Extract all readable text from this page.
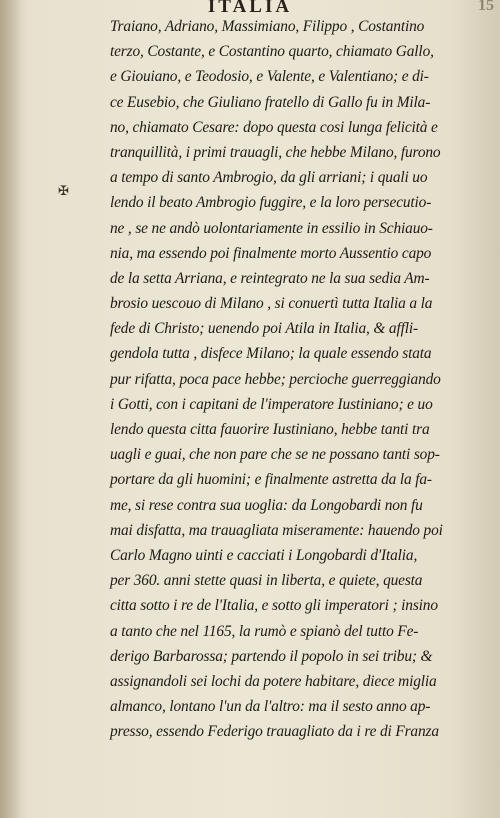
ITALIA	15
✠
Traiano, Adriano, Massimiano, Filippo , Costantino
terzo, Costante, e Costantino quarto, chiamato Gallo,
e Giouiano, e Teodosio, e Valente, e Valentiano; e di-
ce Eusebio, che Giuliano fratello di Gallo fu in Mila-
no, chiamato Cesare: dopo questa cosi lunga felicità e
tranquillità, i primi trauagli, che hebbe Milano, furono
a tempo di santo Ambrogio, da gli arriani; i quali uo
lendo il beato Ambrogio fuggire, e la loro persecutio-
ne , se ne andò uolontariamente in essilio in Schiauo-
nia, ma essendo poi finalmente morto Aussentio capo
de la setta Arriana, e reintegrato ne la sua sedia Am-
brosio uescouo di Milano , si conuertì tutta Italia a la
fede di Christo; uenendo poi Atila in Italia, & affli-
gendola tutta , disfece Milano; la quale essendo stata
pur rifatta, poca pace hebbe; percioche guerreggiando
i Gotti, con i capitani de l'imperatore Iustiniano; e uo
lendo questa citta fauorire Iustiniano, hebbe tanti tra
uagli e guai, che non pare che se ne possano tanti sop-
portare da gli huomini; e finalmente astretta da la fa-
me, si rese contra sua uoglia: da Longobardi non fu
mai disfatta, ma trauagliata miseramente: hauendo poi
Carlo Magno uinti e cacciati i Longobardi d'Italia,
per 360. anni stette quasi in liberta, e quiete, questa
citta sotto i re de l'Italia, e sotto gli imperatori ; insino
a tanto che nel 1165, la rumò e spianò del tutto Fe-
derigo Barbarossa; partendo il popolo in sei tribu; &
assignandoli sei lochi da potere habitare, diece miglia
almanco, lontano l'un da l'altro: ma il sesto anno ap-
presso, essendo Federigo trauagliato da i re di Franza
